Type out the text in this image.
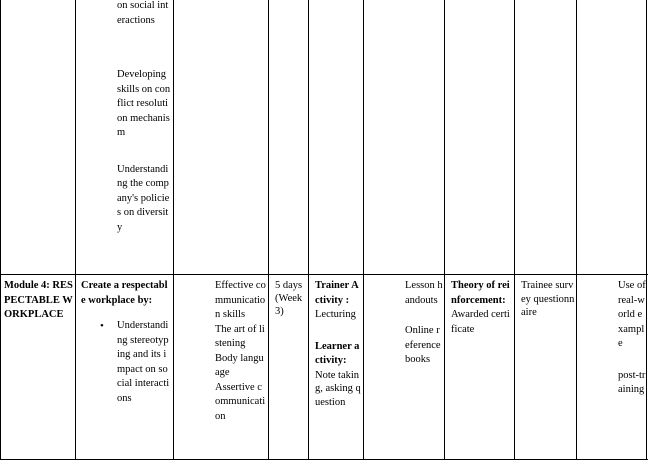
on social interactions
• Developing skills on conflict resolution mechanism
• Understanding the company's policies on diversity
Module 4: RESPECTABLE WORKPLACE
Create a respectable workplace by:
• Understanding stereotyping and its impact on social interactions
• Effective communication skills
• The art of listening
• Body language
• Assertive communication
5 days (Week 3)
Trainer Activity :
Lecturing
Learner activity:
Note taking, asking question
• Lesson handouts
• Online reference books
Theory of reinforcement:
Awarded certificate
Trainee survey questionnaire
• Use of real-world example
• post-training
